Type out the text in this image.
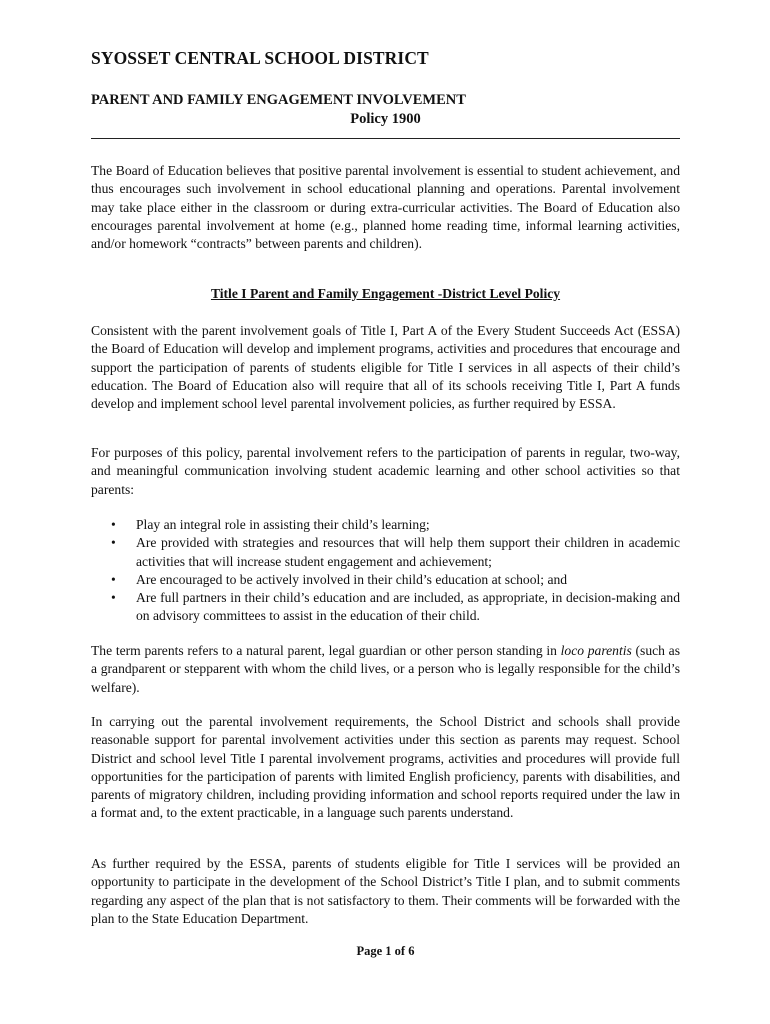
SYOSSET CENTRAL SCHOOL DISTRICT
PARENT AND FAMILY ENGAGEMENT INVOLVEMENT
Policy 1900

The Board of Education believes that positive parental involvement is essential to student achievement, and thus encourages such involvement in school educational planning and operations. Parental involvement may take place either in the classroom or during extra-curricular activities. The Board of Education also encourages parental involvement at home (e.g., planned home reading time, informal learning activities, and/or homework “contracts” between parents and children).

Title I Parent and Family Engagement -District Level Policy

Consistent with the parent involvement goals of Title I, Part A of the Every Student Succeeds Act (ESSA) the Board of Education will develop and implement programs, activities and procedures that encourage and support the participation of parents of students eligible for Title I services in all aspects of their child’s education. The Board of Education also will require that all of its schools receiving Title I, Part A funds develop and implement school level parental involvement policies, as further required by ESSA.

For purposes of this policy, parental involvement refers to the participation of parents in regular, two-way, and meaningful communication involving student academic learning and other school activities so that parents:

• Play an integral role in assisting their child’s learning;
• Are provided with strategies and resources that will help them support their children in academic activities that will increase student engagement and achievement;
• Are encouraged to be actively involved in their child’s education at school; and
• Are full partners in their child’s education and are included, as appropriate, in decision-making and on advisory committees to assist in the education of their child.

The term parents refers to a natural parent, legal guardian or other person standing in loco parentis (such as a grandparent or stepparent with whom the child lives, or a person who is legally responsible for the child’s welfare).

In carrying out the parental involvement requirements, the School District and schools shall provide reasonable support for parental involvement activities under this section as parents may request. School District and school level Title I parental involvement programs, activities and procedures will provide full opportunities for the participation of parents with limited English proficiency, parents with disabilities, and parents of migratory children, including providing information and school reports required under the law in a format and, to the extent practicable, in a language such parents understand.

As further required by the ESSA, parents of students eligible for Title I services will be provided an opportunity to participate in the development of the School District’s Title I plan, and to submit comments regarding any aspect of the plan that is not satisfactory to them. Their comments will be forwarded with the plan to the State Education Department.

Page 1 of 6
